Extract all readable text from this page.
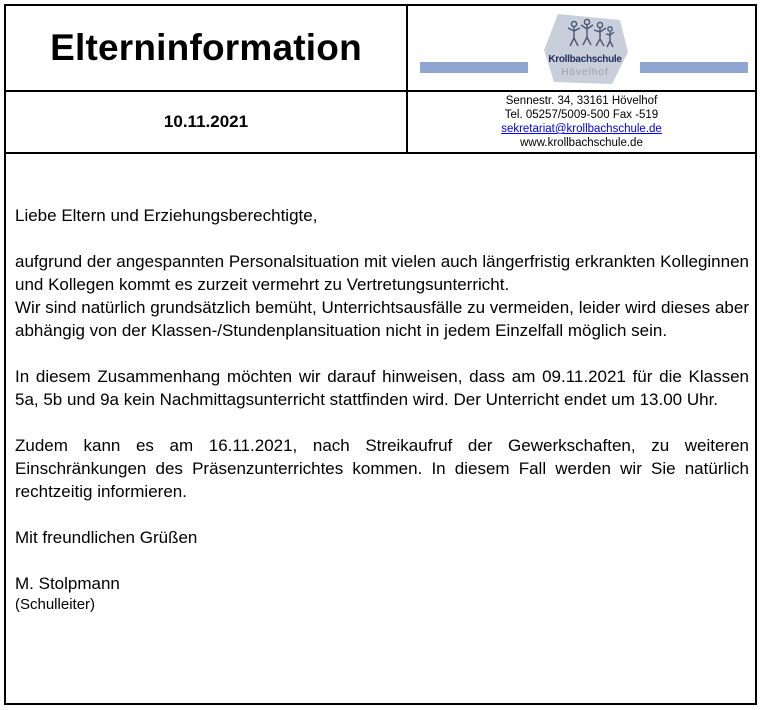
Elterninformation	Krollbachschule
Hövelhof
10.11.2021
Sennestr. 34, 33161 Hövelhof
Tel. 05257/5009-500 Fax -519
sekretariat@krollbachschule.de
www.krollbachschule.de

Liebe Eltern und Erziehungsberechtigte,

aufgrund der angespannten Personalsituation mit vielen auch längerfristig erkrankten Kolleginnen und Kollegen kommt es zurzeit vermehrt zu Vertretungsunterricht.

Wir sind natürlich grundsätzlich bemüht, Unterrichtsausfälle zu vermeiden, leider wird dieses aber abhängig von der Klassen-/Stundenplansituation nicht in jedem Einzelfall möglich sein.

In diesem Zusammenhang möchten wir darauf hinweisen, dass am 09.11.2021 für die Klassen 5a, 5b und 9a kein Nachmittagsunterricht stattfinden wird. Der Unterricht endet um 13.00 Uhr.

Zudem kann es am 16.11.2021, nach Streikaufruf der Gewerkschaften, zu weiteren Einschränkungen des Präsenzunterrichtes kommen. In diesem Fall werden wir Sie natürlich rechtzeitig informieren.

Mit freundlichen Grüßen

M. Stolpmann

(Schulleiter)
